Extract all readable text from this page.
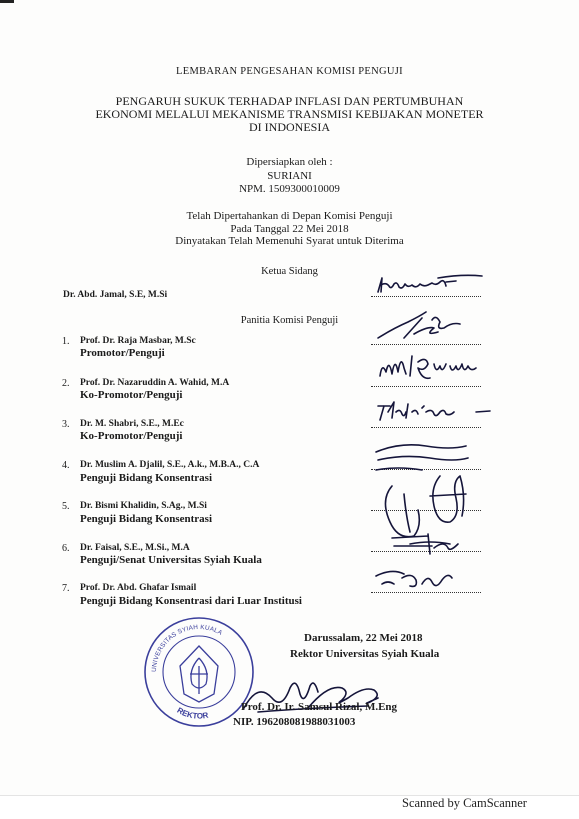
LEMBARAN PENGESAHAN KOMISI PENGUJI
PENGARUH SUKUK TERHADAP INFLASI DAN PERTUMBUHAN
EKONOMI MELALUI MEKANISME TRANSMISI KEBIJAKAN MONETER
DI INDONESIA
Dipersiapkan oleh :
SURIANI
NPM. 1509300010009
Telah Dipertahankan di Depan Komisi Penguji
Pada Tanggal 22 Mei 2018
Dinyatakan Telah Memenuhi Syarat untuk Diterima
Ketua Sidang
Dr. Abd. Jamal, S.E, M.Si
Panitia Komisi Penguji
1. Prof. Dr. Raja Masbar, M.Sc
Promotor/Penguji
2. Prof. Dr. Nazaruddin A. Wahid, M.A
Ko-Promotor/Penguji
3. Dr. M. Shabri, S.E., M.Ec
Ko-Promotor/Penguji
4. Dr. Muslim A. Djalil, S.E., A.k., M.B.A., C.A
Penguji Bidang Konsentrasi
5. Dr. Bismi Khalidin, S.Ag., M.Si
Penguji Bidang Konsentrasi
6. Dr. Faisal, S.E., M.Si., M.A
Penguji/Senat Universitas Syiah Kuala
7. Prof. Dr. Abd. Ghafar Ismail
Penguji Bidang Konsentrasi dari Luar Institusi
UNIVERSITAS SYIAH KUALA
REKTOR
Darussalam, 22 Mei 2018
Rektor Universitas Syiah Kuala
Prof. Dr. Ir. Samsul Rizal, M.Eng
NIP. 196208081988031003
Scanned by CamScanner
